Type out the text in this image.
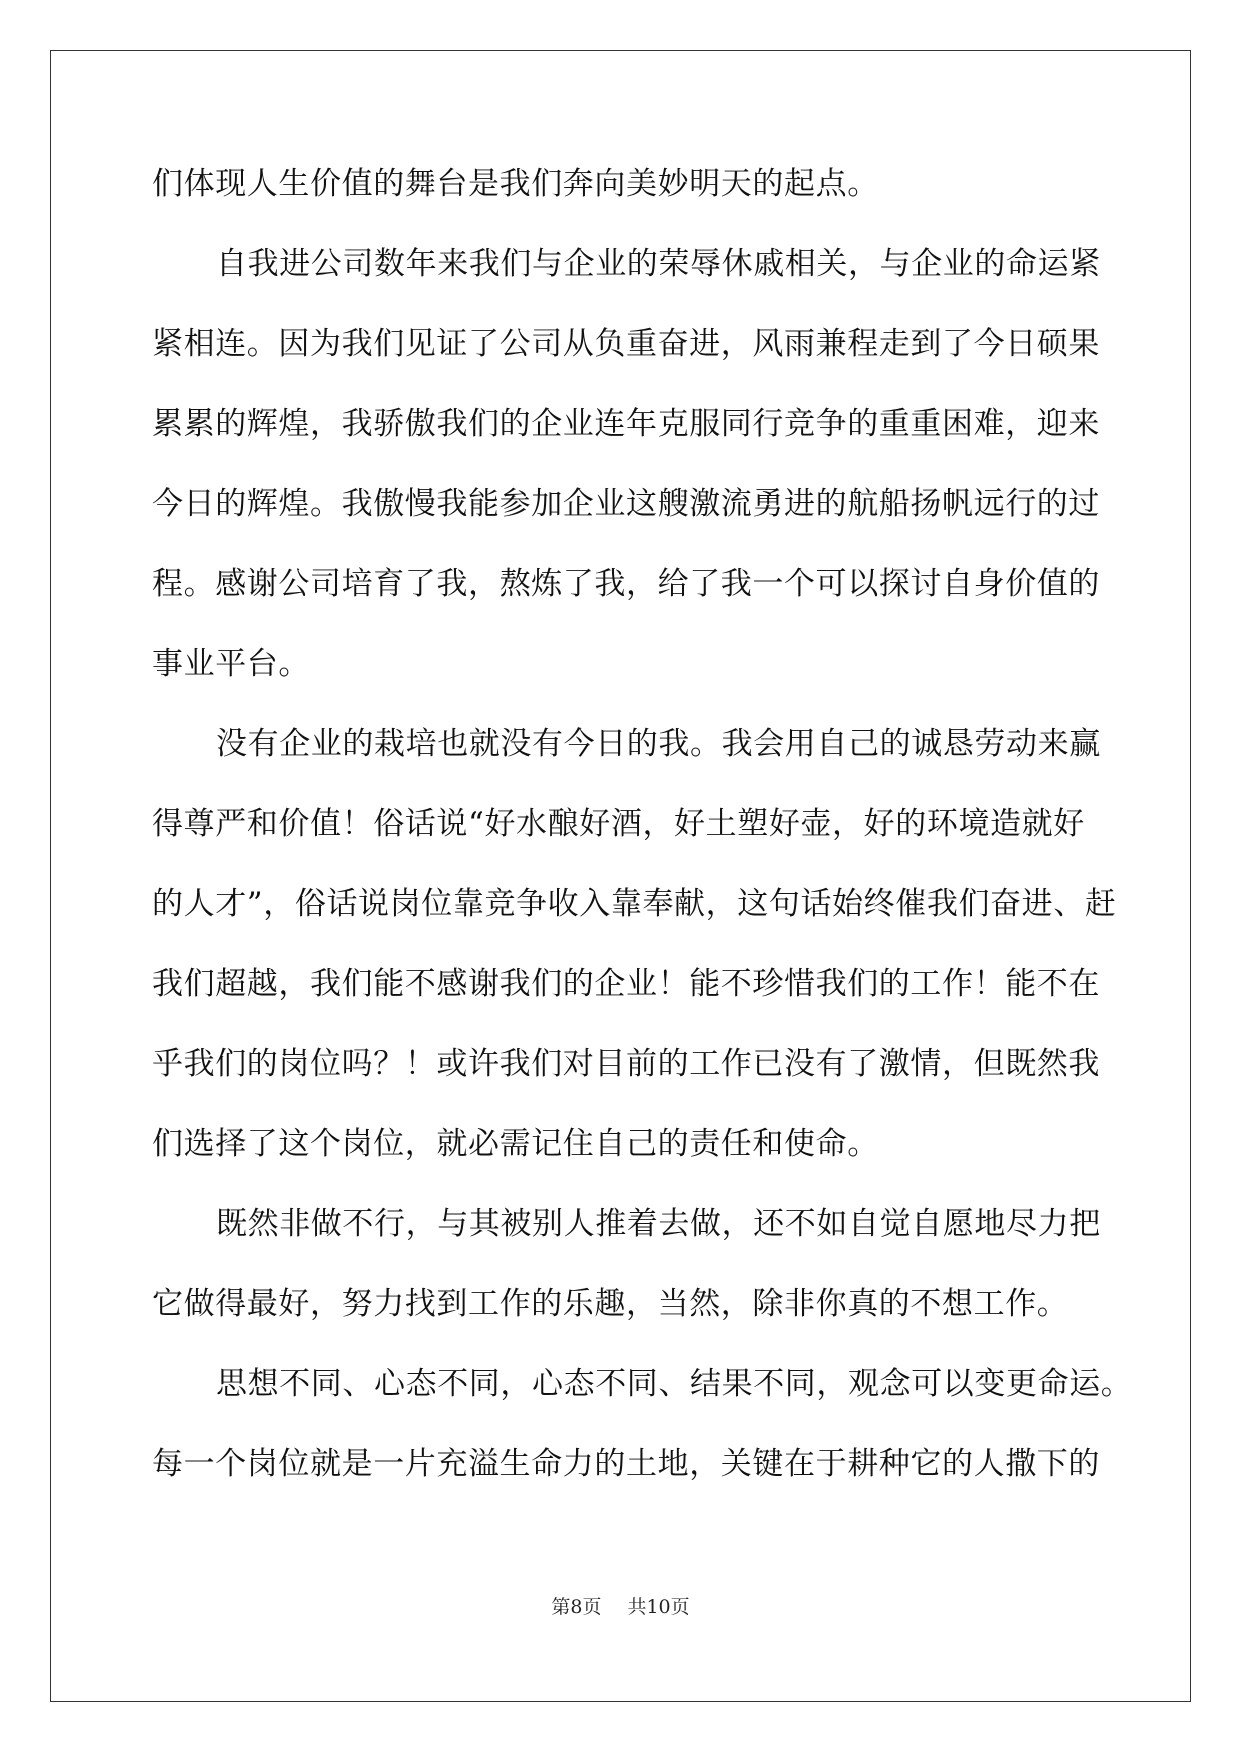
们体现人生价值的舞台是我们奔向美妙明天的起点。
自我进公司数年来我们与企业的荣辱休戚相关，与企业的命运紧
紧相连。因为我们见证了公司从负重奋进，风雨兼程走到了今日硕果
累累的辉煌，我骄傲我们的企业连年克服同行竞争的重重困难，迎来
今日的辉煌。我傲慢我能参加企业这艘激流勇进的航船扬帆远行的过
程。感谢公司培育了我，熬炼了我，给了我一个可以探讨自身价值的
事业平台。
没有企业的栽培也就没有今日的我。我会用自己的诚恳劳动来赢
得尊严和价值！俗话说“好水酿好酒，好土塑好壶，好的环境造就好
的人才”，俗话说岗位靠竞争收入靠奉献，这句话始终催我们奋进、赶
我们超越，我们能不感谢我们的企业！能不珍惜我们的工作！能不在
乎我们的岗位吗？！或许我们对目前的工作已没有了激情，但既然我
们选择了这个岗位，就必需记住自己的责任和使命。
既然非做不行，与其被别人推着去做，还不如自觉自愿地尽力把
它做得最好，努力找到工作的乐趣，当然，除非你真的不想工作。
思想不同、心态不同，心态不同、结果不同，观念可以变更命运。
每一个岗位就是一片充溢生命力的土地，关键在于耕种它的人撒下的
第8页 共10页
